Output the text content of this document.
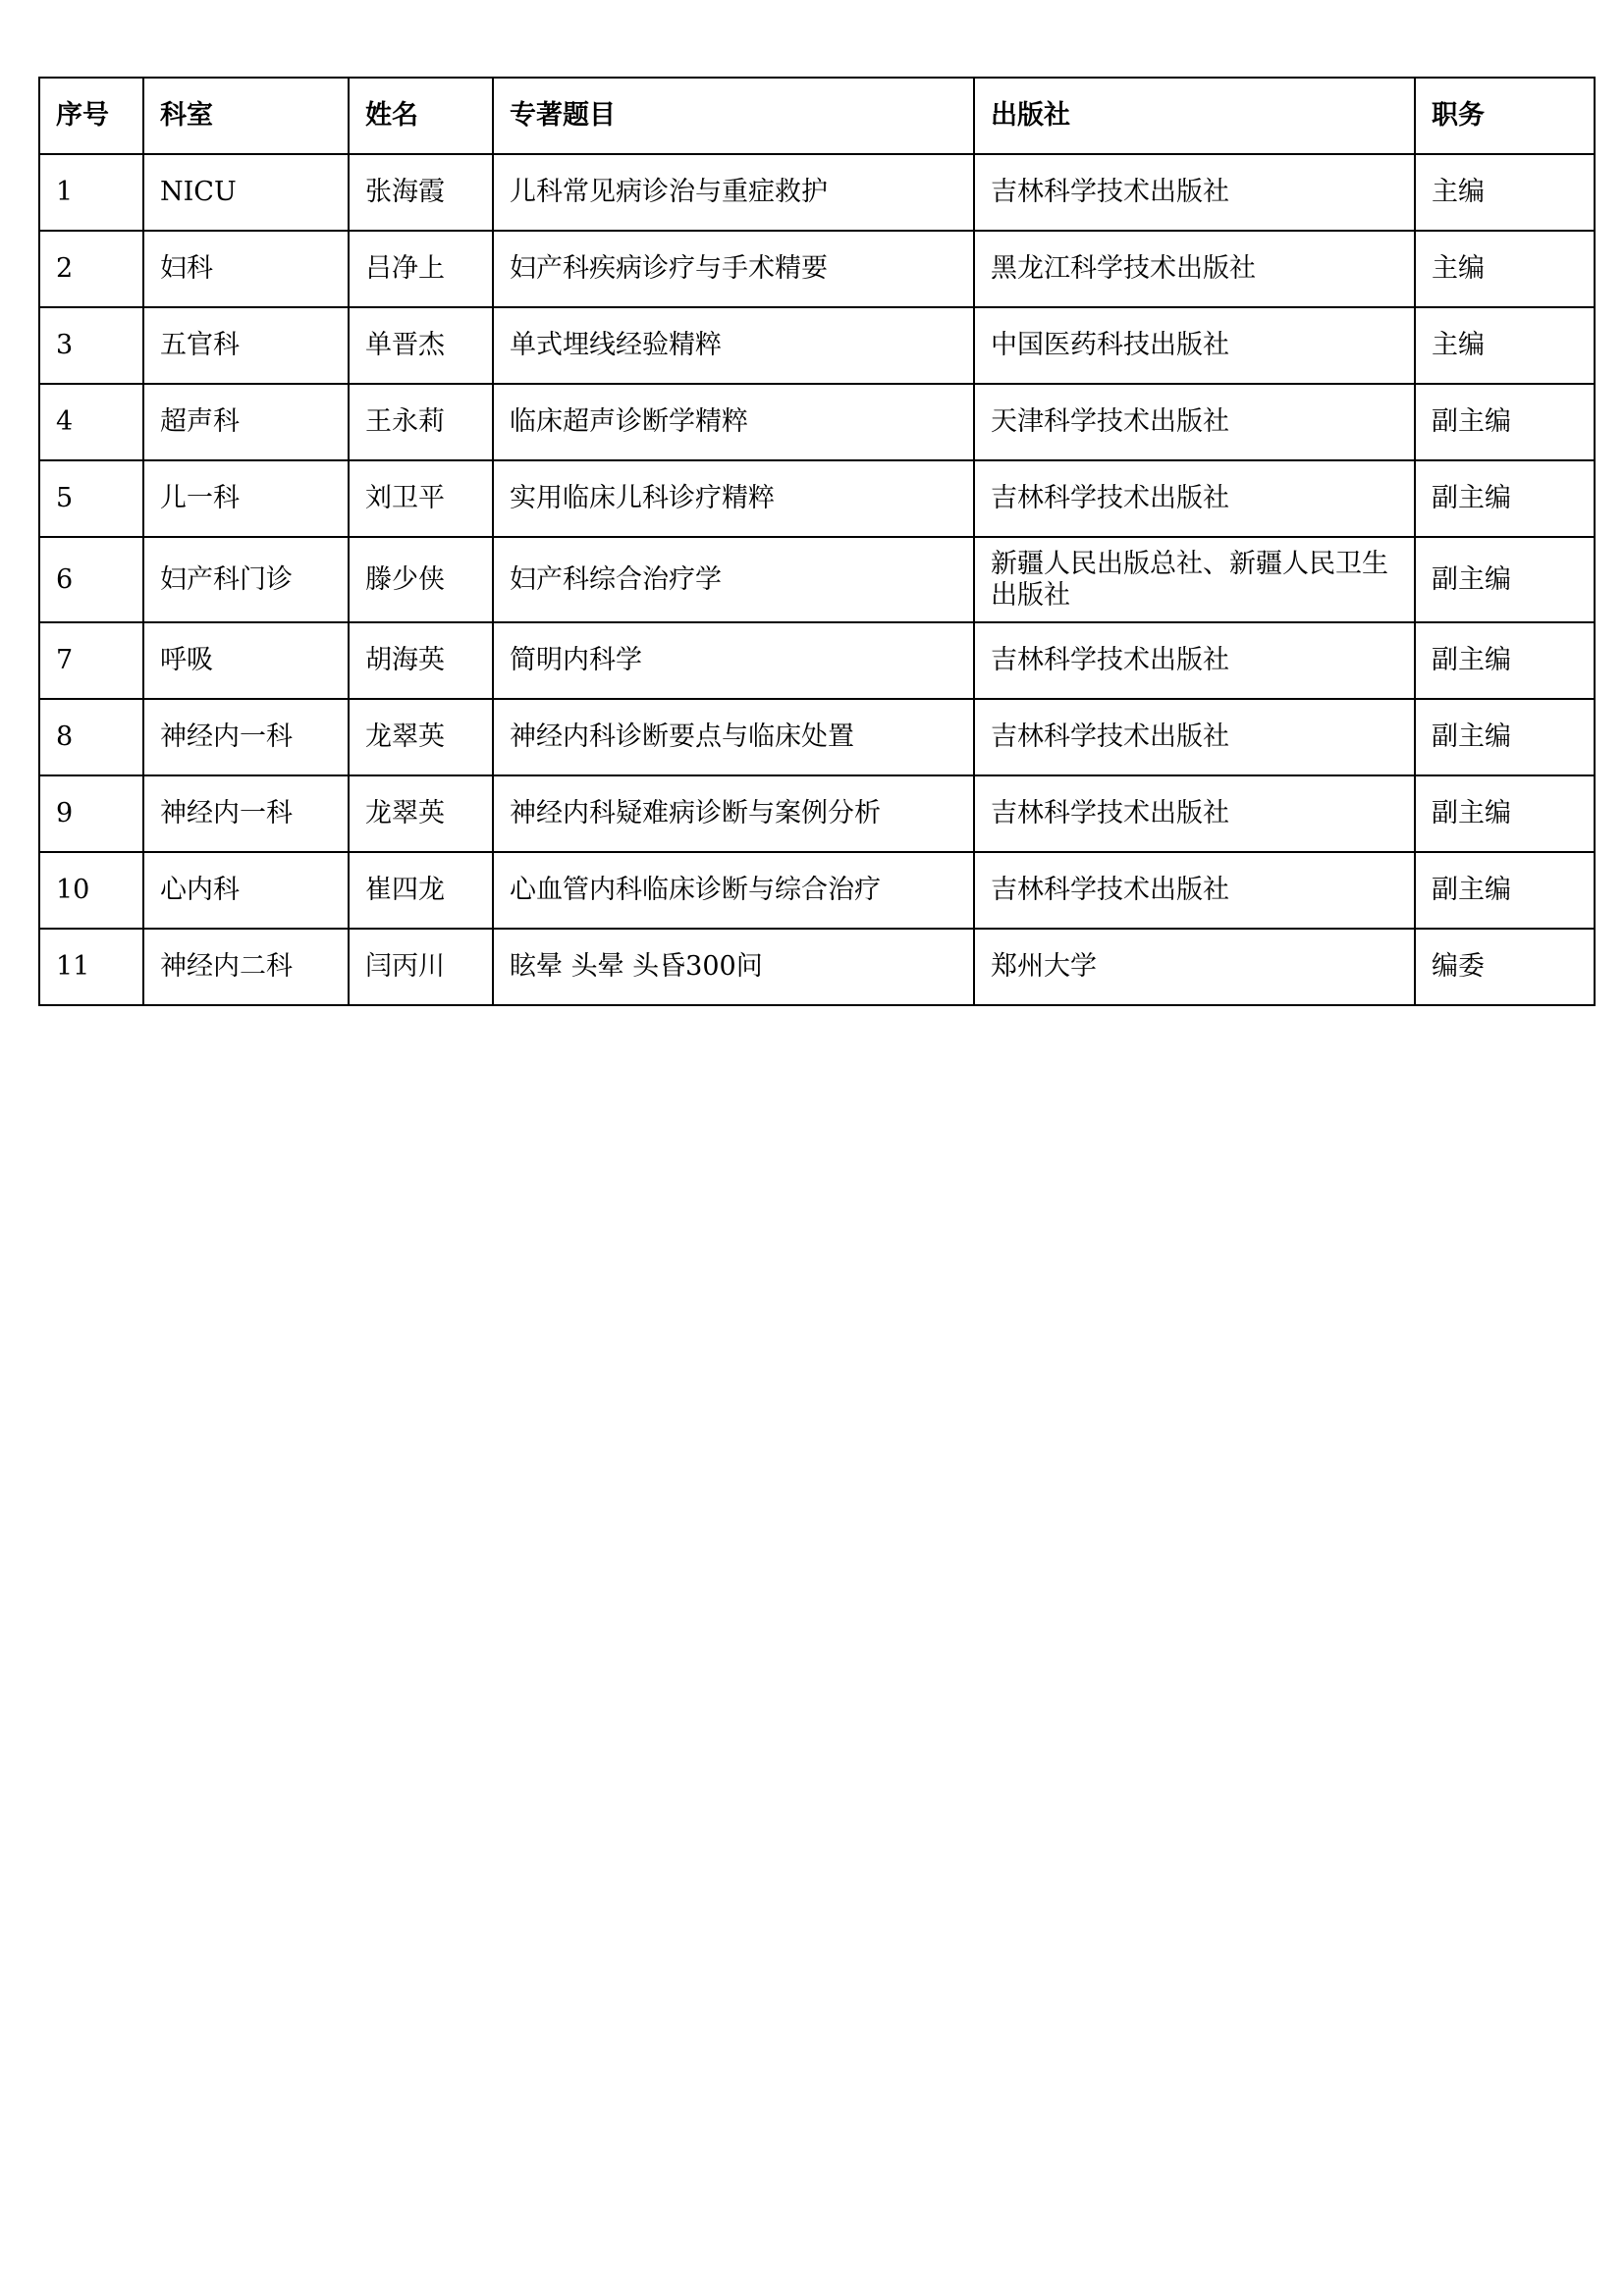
序号	科室	姓名	专著题目	出版社	职务
1	NICU	张海霞	儿科常见病诊治与重症救护	吉林科学技术出版社	主编
2	妇科	吕净上	妇产科疾病诊疗与手术精要	黑龙江科学技术出版社	主编
3	五官科	单晋杰	单式埋线经验精粹	中国医药科技出版社	主编
4	超声科	王永莉	临床超声诊断学精粹	天津科学技术出版社	副主编
5	儿一科	刘卫平	实用临床儿科诊疗精粹	吉林科学技术出版社	副主编
6	妇产科门诊	滕少侠	妇产科综合治疗学	新疆人民出版总社、新疆人民卫生出版社	副主编
7	呼吸	胡海英	简明内科学	吉林科学技术出版社	副主编
8	神经内一科	龙翠英	神经内科诊断要点与临床处置	吉林科学技术出版社	副主编
9	神经内一科	龙翠英	神经内科疑难病诊断与案例分析	吉林科学技术出版社	副主编
10	心内科	崔四龙	心血管内科临床诊断与综合治疗	吉林科学技术出版社	副主编
11	神经内二科	闫丙川	眩晕 头晕 头昏300问	郑州大学	编委
